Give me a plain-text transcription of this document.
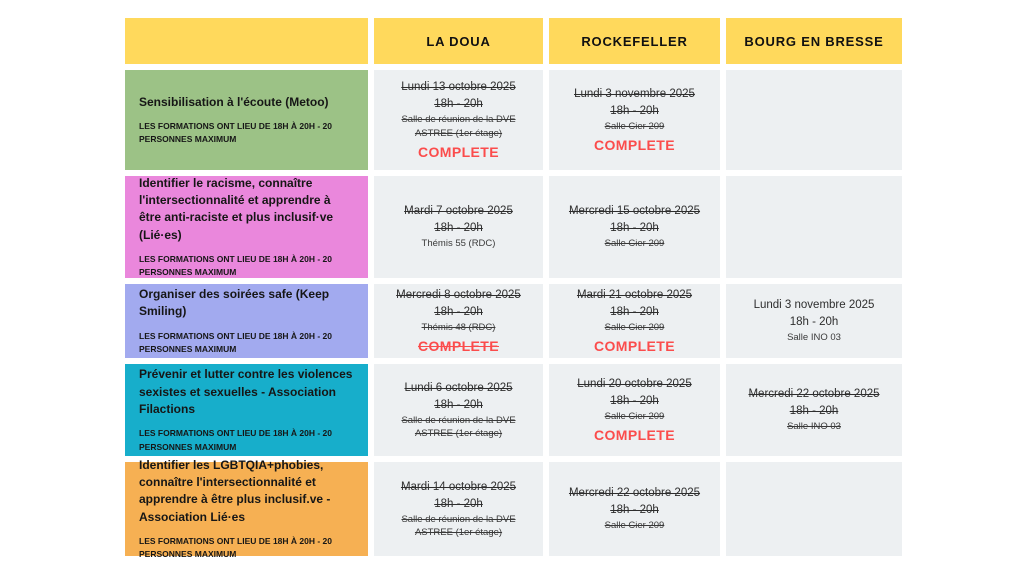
LA DOUA	ROCKEFELLER	BOURG EN BRESSE
Sensibilisation à l'écoute (Metoo)
LES FORMATIONS ONT LIEU DE 18H À 20H - 20 PERSONNES MAXIMUM
Lundi 13 octobre 2025
18h - 20h
Salle de réunion de la DVE
ASTREE (1er étage)
COMPLETE
Lundi 3 novembre 2025
18h - 20h
Salle Cier 209
COMPLETE
Identifier le racisme, connaître l'intersectionnalité et apprendre à être anti-raciste et plus inclusif·ve (Lié·es)
LES FORMATIONS ONT LIEU DE 18H À 20H - 20 PERSONNES MAXIMUM
Mardi 7 octobre 2025
18h - 20h
Thémis 55 (RDC)
Mercredi 15 octobre 2025
18h - 20h
Salle Cier 209
Organiser des soirées safe (Keep Smiling)
LES FORMATIONS ONT LIEU DE 18H À 20H - 20 PERSONNES MAXIMUM
Mercredi 8 octobre 2025
18h - 20h
Thémis 48 (RDC)
COMPLETE
Mardi 21 octobre 2025
18h - 20h
Salle Cier 209
COMPLETE
Lundi 3 novembre 2025
18h - 20h
Salle INO 03
Prévenir et lutter contre les violences sexistes et sexuelles - Association Filactions
LES FORMATIONS ONT LIEU DE 18H À 20H - 20 PERSONNES MAXIMUM
Lundi 6 octobre 2025
18h - 20h
Salle de réunion de la DVE
ASTREE (1er étage)
Lundi 20 octobre 2025
18h - 20h
Salle Cier 209
COMPLETE
Mercredi 22 octobre 2025
18h - 20h
Salle INO 03
Identifier les LGBTQIA+phobies, connaître l'intersectionnalité et apprendre à être plus inclusif.ve - Association Lié·es
LES FORMATIONS ONT LIEU DE 18H À 20H - 20 PERSONNES MAXIMUM
Mardi 14 octobre 2025
18h - 20h
Salle de réunion de la DVE
ASTREE (1er étage)
Mercredi 22 octobre 2025
18h - 20h
Salle Cier 209
